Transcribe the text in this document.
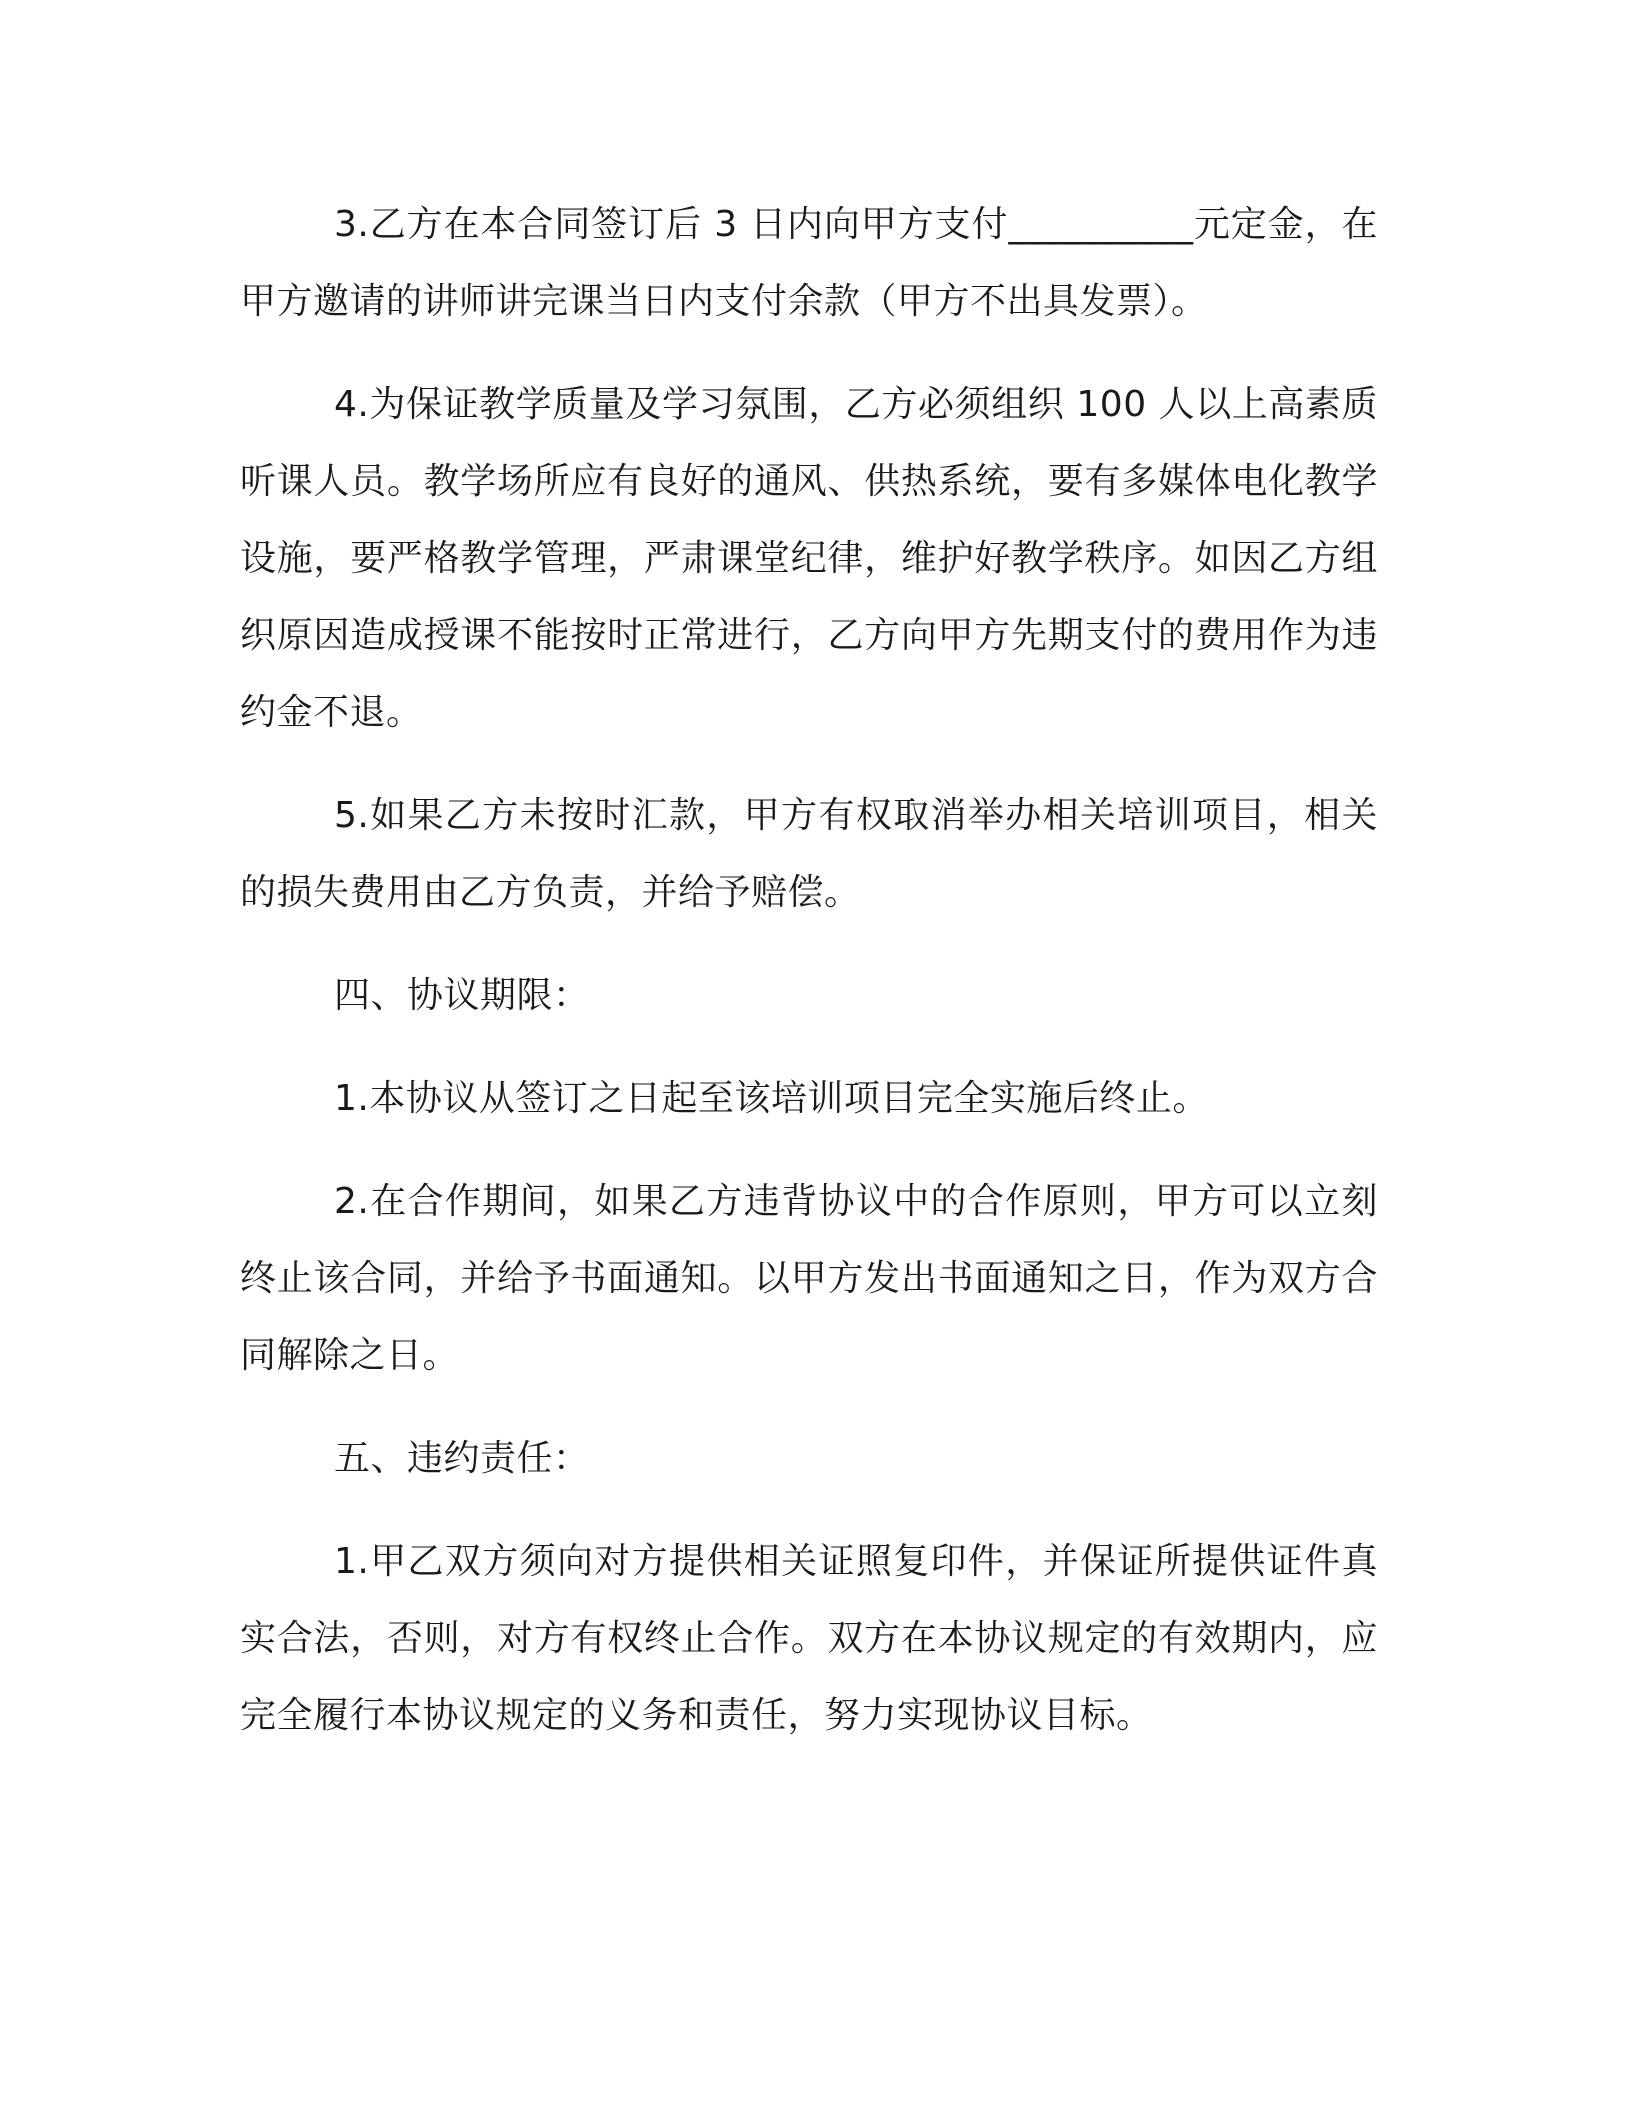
3.乙方在本合同签订后 3 日内向甲方支付__________元定金，在甲方邀请的讲师讲完课当日内支付余款（甲方不出具发票）。

4.为保证教学质量及学习氛围，乙方必须组织 100 人以上高素质听课人员。教学场所应有良好的通风、供热系统，要有多媒体电化教学设施，要严格教学管理，严肃课堂纪律，维护好教学秩序。如因乙方组织原因造成授课不能按时正常进行，乙方向甲方先期支付的费用作为违约金不退。

5.如果乙方未按时汇款，甲方有权取消举办相关培训项目，相关的损失费用由乙方负责，并给予赔偿。

四、协议期限：

1.本协议从签订之日起至该培训项目完全实施后终止。

2.在合作期间，如果乙方违背协议中的合作原则，甲方可以立刻终止该合同，并给予书面通知。以甲方发出书面通知之日，作为双方合同解除之日。

五、违约责任：

1.甲乙双方须向对方提供相关证照复印件，并保证所提供证件真实合法，否则，对方有权终止合作。双方在本协议规定的有效期内，应完全履行本协议规定的义务和责任，努力实现协议目标。
